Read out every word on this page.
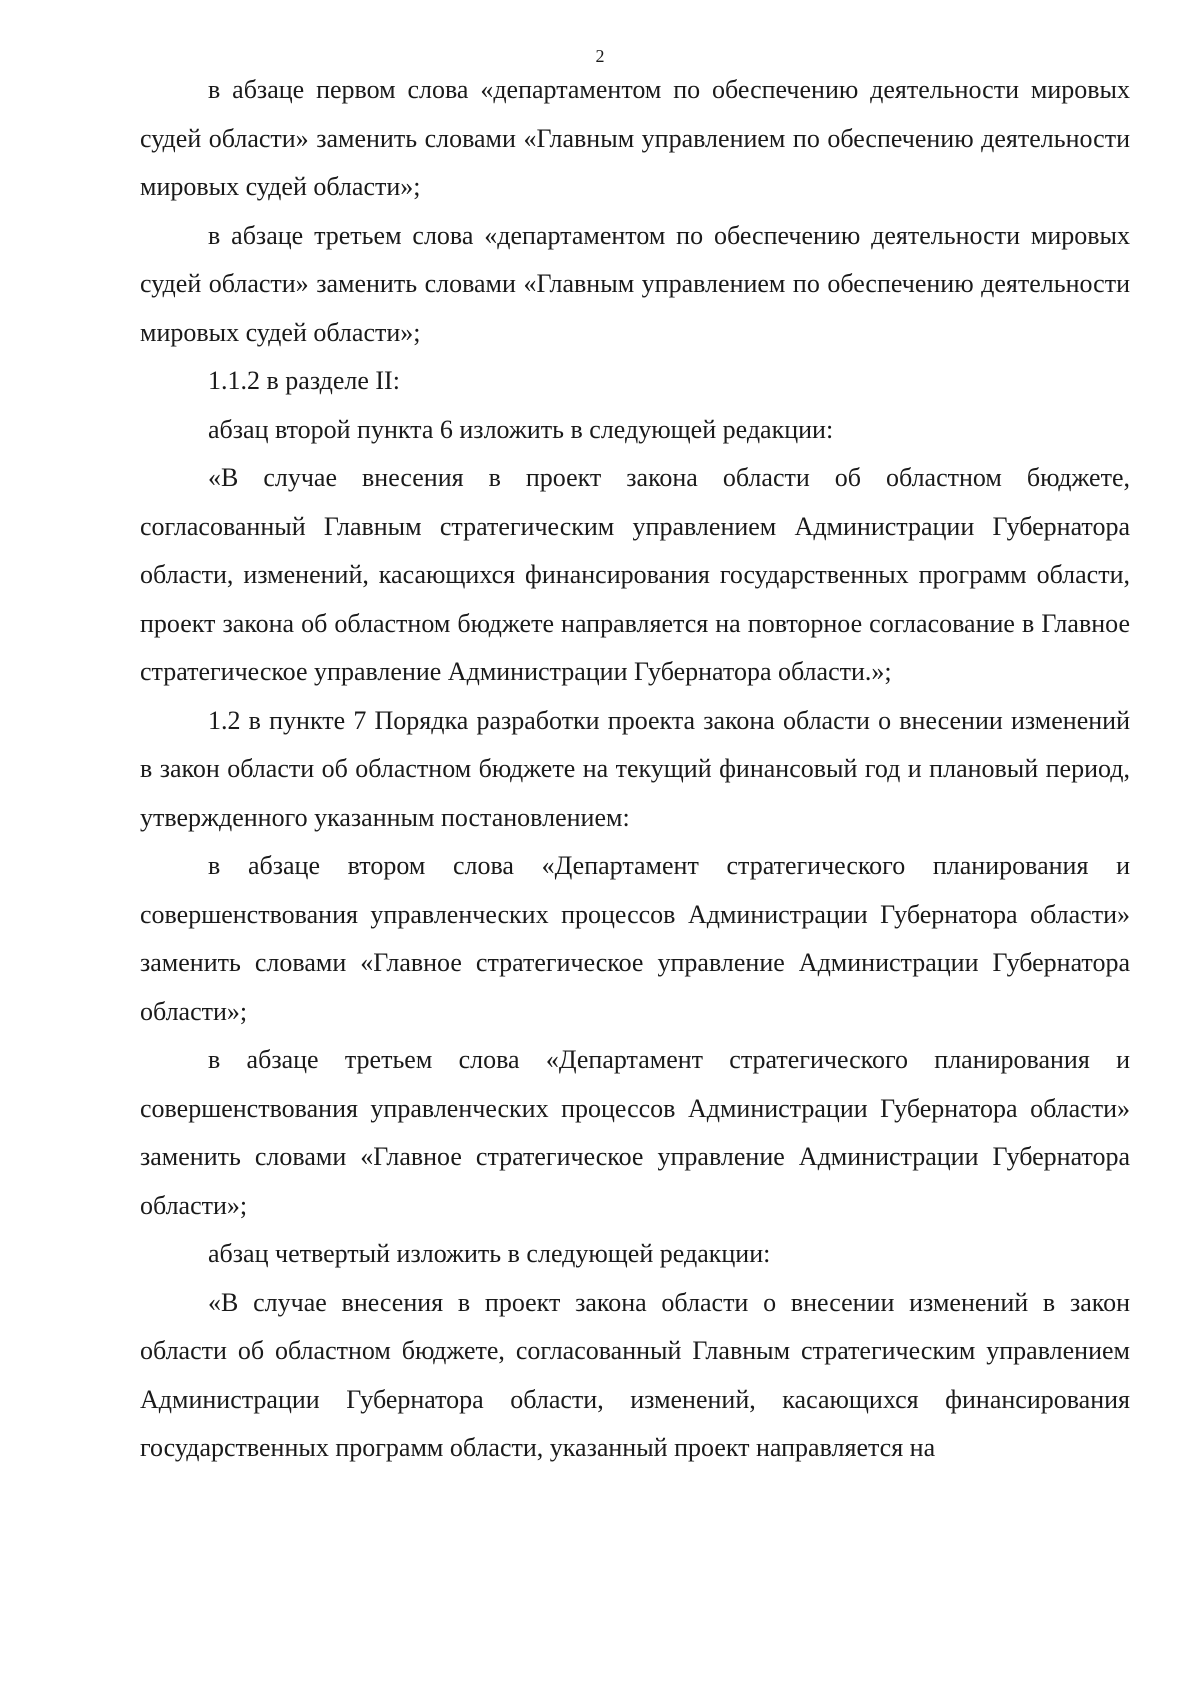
2

в абзаце первом слова «департаментом по обеспечению деятельности мировых судей области» заменить словами «Главным управлением по обеспечению деятельности мировых судей области»;

в абзаце третьем слова «департаментом по обеспечению деятельности мировых судей области» заменить словами «Главным управлением по обеспечению деятельности мировых судей области»;

1.1.2 в разделе II:

абзац второй пункта 6 изложить в следующей редакции:

«В случае внесения в проект закона области об областном бюджете, согласованный Главным стратегическим управлением Администрации Губернатора области, изменений, касающихся финансирования государственных программ области, проект закона об областном бюджете направляется на повторное согласование в Главное стратегическое управление Администрации Губернатора области.»;

1.2 в пункте 7 Порядка разработки проекта закона области о внесении изменений в закон области об областном бюджете на текущий финансовый год и плановый период, утвержденного указанным постановлением:

в абзаце втором слова «Департамент стратегического планирования и совершенствования управленческих процессов Администрации Губернатора области» заменить словами «Главное стратегическое управление Администрации Губернатора области»;

в абзаце третьем слова «Департамент стратегического планирования и совершенствования управленческих процессов Администрации Губернатора области» заменить словами «Главное стратегическое управление Администрации Губернатора области»;

абзац четвертый изложить в следующей редакции:

«В случае внесения в проект закона области о внесении изменений в закон области об областном бюджете, согласованный Главным стратегическим управлением Администрации Губернатора области, изменений, касающихся финансирования государственных программ области, указанный проект направляется на
